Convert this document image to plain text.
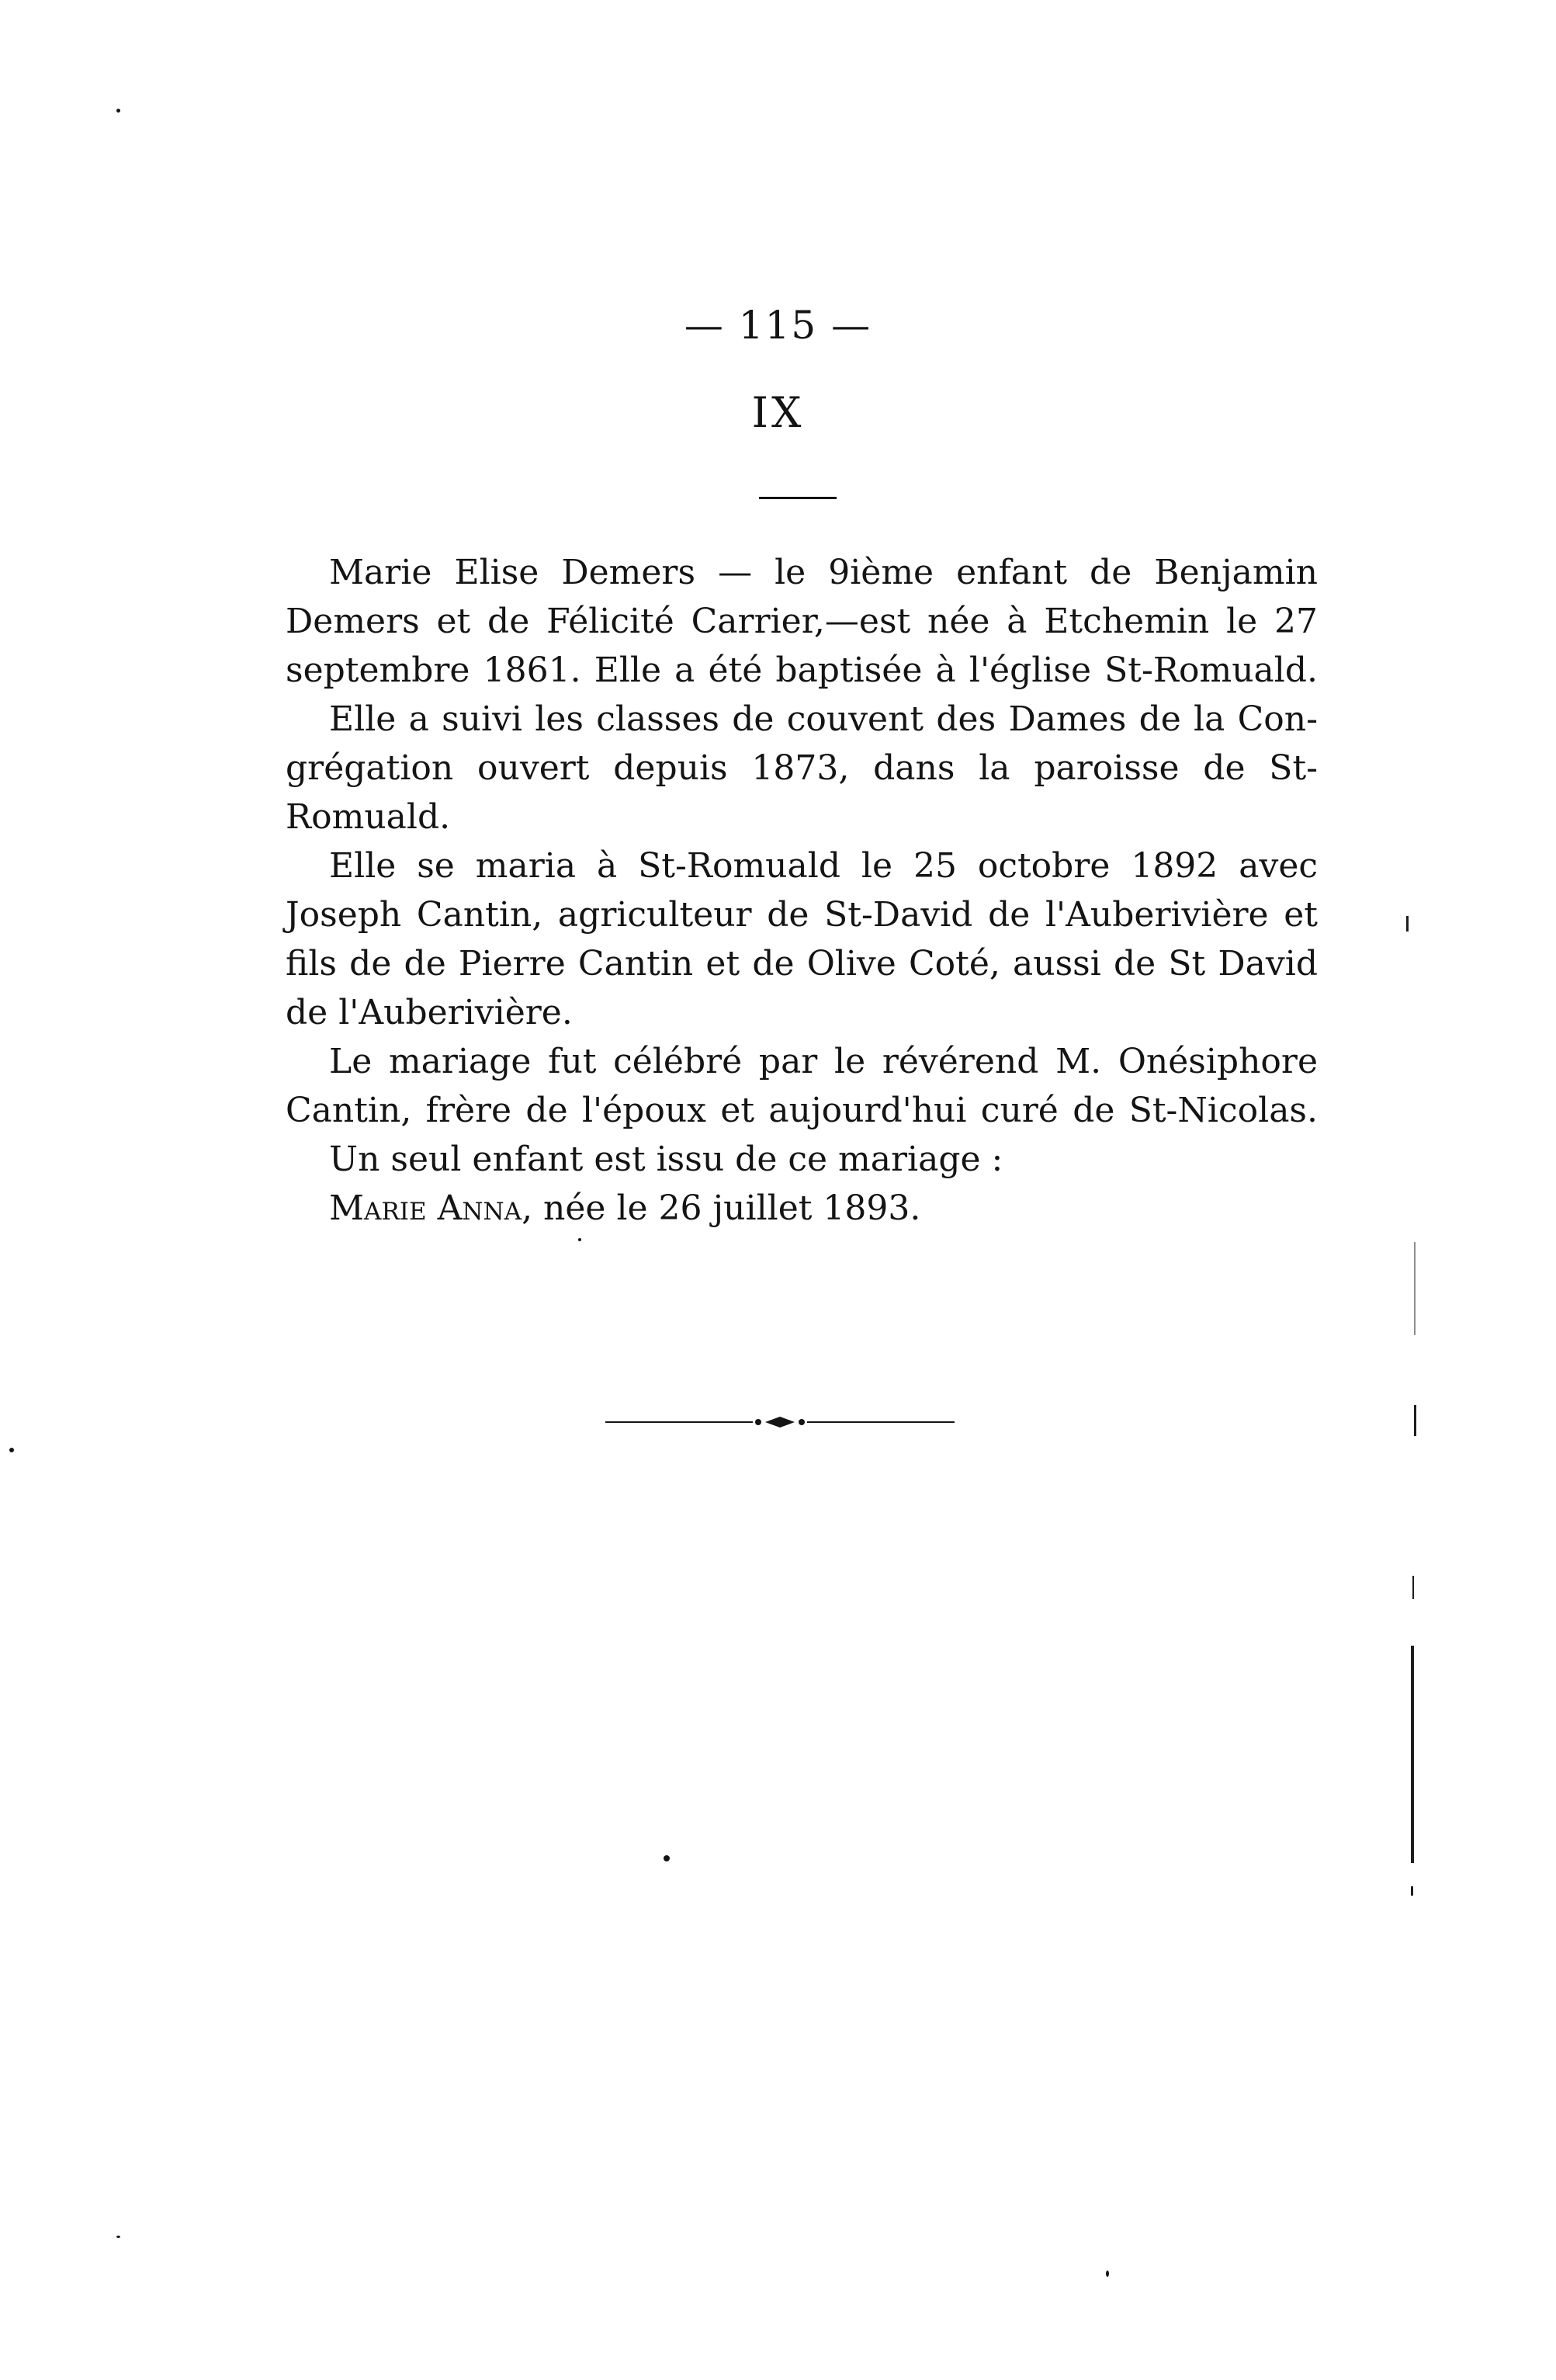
— 115 —
IX
Marie Elise Demers — le 9ième enfant de Benjamin
Demers et de Félicité Carrier,—est née à Etchemin le 27
septembre 1861. Elle a été baptisée à l'église St-Romuald.
Elle a suivi les classes de couvent des Dames de la Con-
grégation ouvert depuis 1873, dans la paroisse de St-
Romuald.
Elle se maria à St-Romuald le 25 octobre 1892 avec
Joseph Cantin, agriculteur de St-David de l'Auberivière et
fils de de Pierre Cantin et de Olive Coté, aussi de St David
de l'Auberivière.
Le mariage fut célébré par le révérend M. Onésiphore
Cantin, frère de l'époux et aujourd'hui curé de St-Nicolas.
Un seul enfant est issu de ce mariage :
Marie Anna, née le 26 juillet 1893.
